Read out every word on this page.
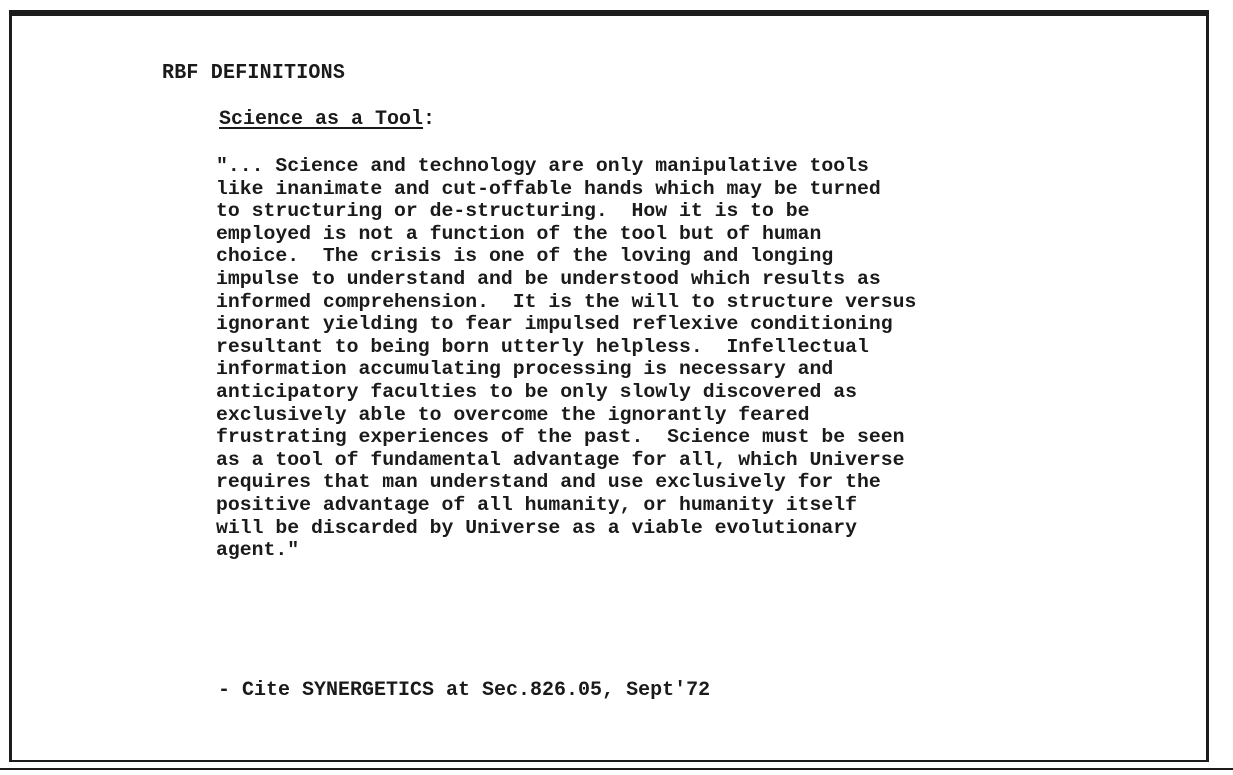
RBF DEFINITIONS
Science as a Tool:
"... Science and technology are only manipulative tools
like inanimate and cut-offable hands which may be turned
to structuring or de-structuring.  How it is to be
employed is not a function of the tool but of human
choice.  The crisis is one of the loving and longing
impulse to understand and be understood which results as
informed comprehension.  It is the will to structure versus
ignorant yielding to fear impulsed reflexive conditioning
resultant to being born utterly helpless.  Infellectual
information accumulating processing is necessary and
anticipatory faculties to be only slowly discovered as
exclusively able to overcome the ignorantly feared
frustrating experiences of the past.  Science must be seen
as a tool of fundamental advantage for all, which Universe
requires that man understand and use exclusively for the
positive advantage of all humanity, or humanity itself
will be discarded by Universe as a viable evolutionary
agent."
- Cite SYNERGETICS at Sec.826.05, Sept'72
